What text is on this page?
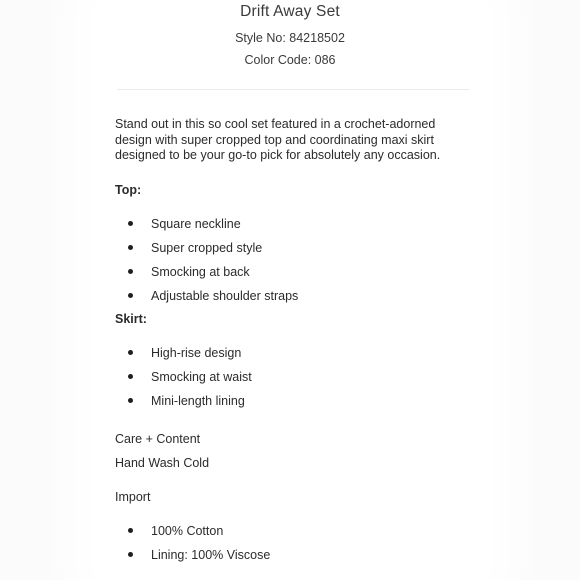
Drift Away Set
Style No: 84218502
Color Code: 086

Stand out in this so cool set featured in a crochet-adorned design with super cropped top and coordinating maxi skirt designed to be your go-to pick for absolutely any occasion.

Top:
Square neckline
Super cropped style
Smocking at back
Adjustable shoulder straps
Skirt:
High-rise design
Smocking at waist
Mini-length lining
Care + Content
Hand Wash Cold
Import
100% Cotton
Lining: 100% Viscose
